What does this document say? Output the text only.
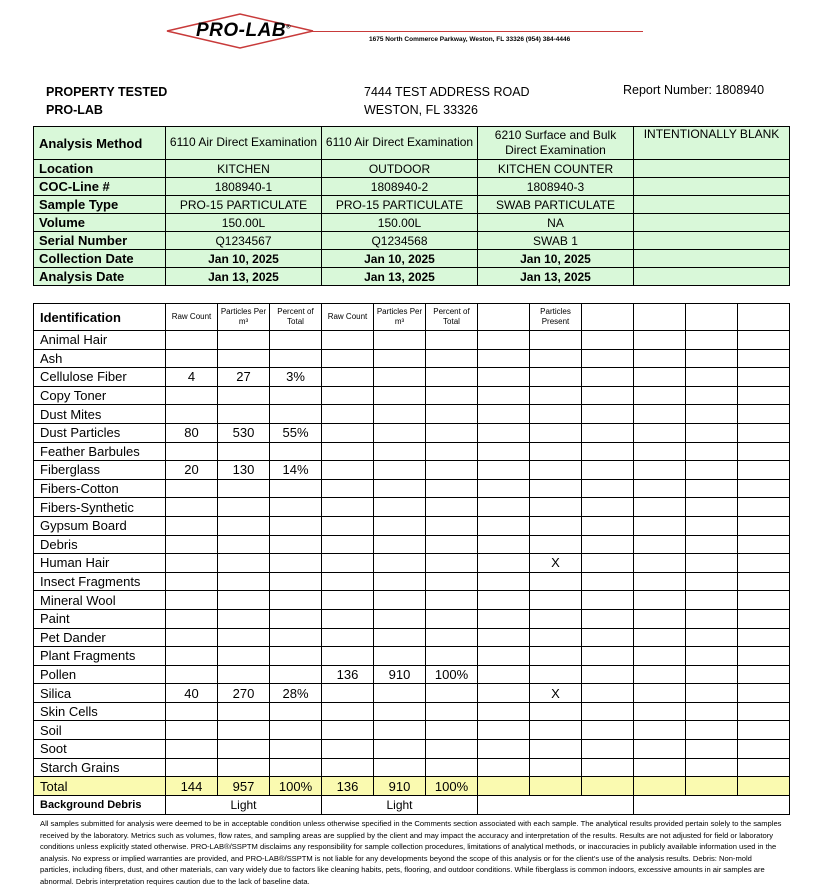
PRO-LAB®
1675 North Commerce Parkway, Weston, FL 33326 (954) 384-4446
PROPERTY TESTED
PRO-LAB
7444 TEST ADDRESS ROAD
WESTON, FL 33326
Report Number: 1808940
Analysis Method	6110 Air Direct Examination	6110 Air Direct Examination	6210 Surface and Bulk Direct Examination	INTENTIONALLY BLANK
Location	KITCHEN	OUTDOOR	KITCHEN COUNTER	
COC-Line #	1808940-1	1808940-2	1808940-3	
Sample Type	PRO-15 PARTICULATE	PRO-15 PARTICULATE	SWAB PARTICULATE	
Volume	150.00L	150.00L	NA	
Serial Number	Q1234567	Q1234568	SWAB 1	
Collection Date	Jan 10, 2025	Jan 10, 2025	Jan 10, 2025	
Analysis Date	Jan 13, 2025	Jan 13, 2025	Jan 13, 2025	
Identification	Raw Count	Particles Per m³	Percent of Total	Raw Count	Particles Per m³	Percent of Total		Particles Present				
Animal Hair												
Ash												
Cellulose Fiber	4	27	3%									
Copy Toner												
Dust Mites												
Dust Particles	80	530	55%									
Feather Barbules												
Fiberglass	20	130	14%									
Fibers-Cotton												
Fibers-Synthetic												
Gypsum Board												
Debris												
Human Hair								X				
Insect Fragments												
Mineral Wool												
Paint												
Pet Dander												
Plant Fragments												
Pollen				136	910	100%						
Silica	40	270	28%					X				
Skin Cells												
Soil												
Soot												
Starch Grains												
Total	144	957	100%	136	910	100%						
Background Debris	Light			Light								
All samples submitted for analysis were deemed to be in acceptable condition unless otherwise specified in the Comments section associated with each sample. The analytical results provided pertain solely to the samples received by the laboratory. Metrics such as volumes, flow rates, and sampling areas are supplied by the client and may impact the accuracy and interpretation of the results. Results are not adjusted for field or laboratory conditions unless explicitly stated otherwise. PRO-LAB®/SSPTM disclaims any responsibility for sample collection procedures, limitations of analytical methods, or inaccuracies in publicly available information used in the analysis. No express or implied warranties are provided, and PRO-LAB®/SSPTM is not liable for any developments beyond the scope of this analysis or for the client's use of the analysis results. Debris: Non-mold particles, including fibers, dust, and other materials, can vary widely due to factors like cleaning habits, pets, flooring, and outdoor conditions. While fiberglass is common indoors, excessive amounts in air samples are abnormal. Debris interpretation requires caution due to the lack of baseline data.
